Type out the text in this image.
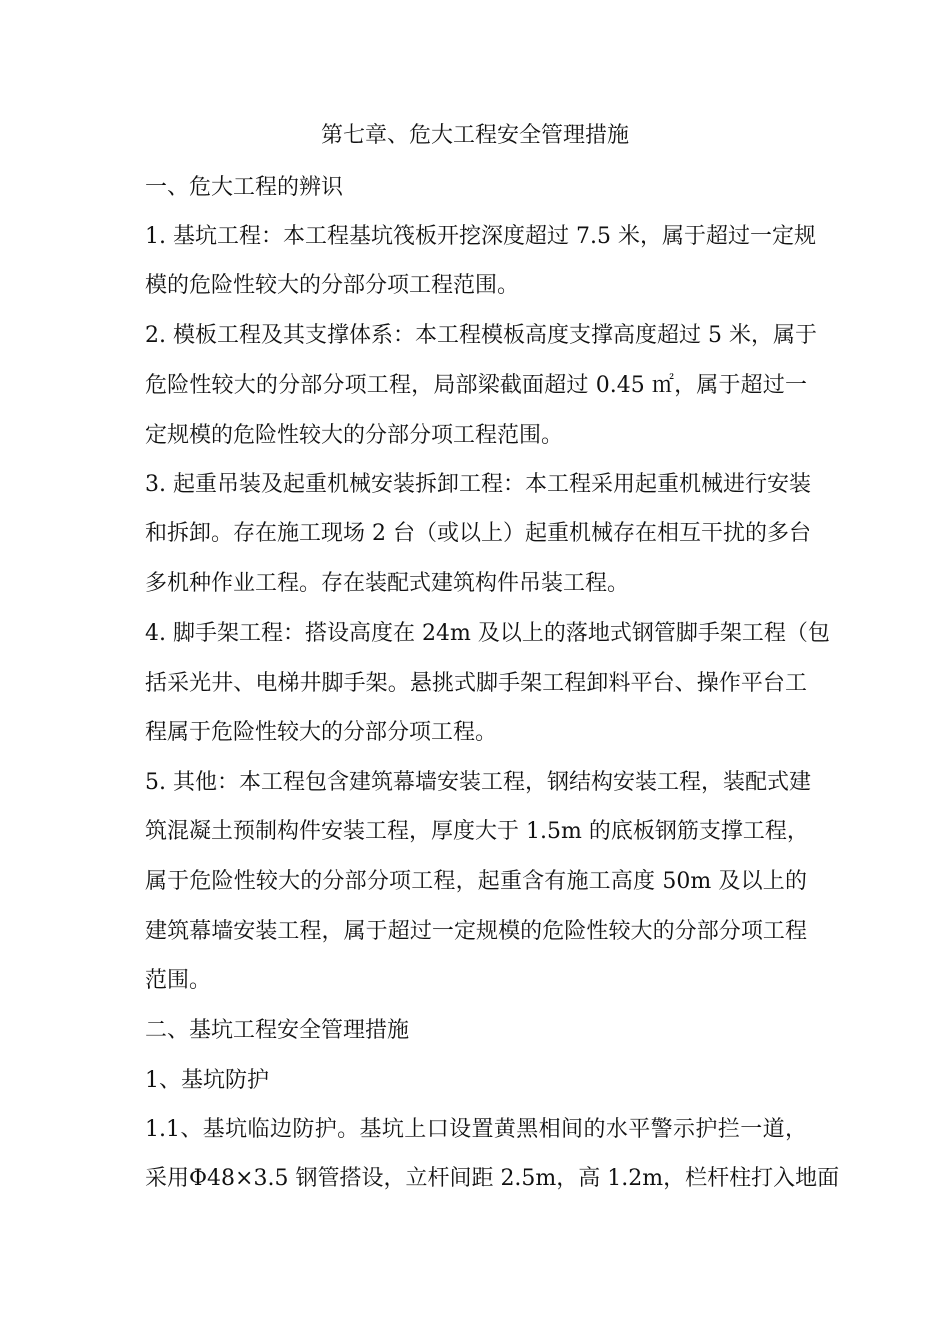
第七章、危大工程安全管理措施
一、危大工程的辨识
1. 基坑工程：本工程基坑筏板开挖深度超过 7.5 米，属于超过一定规
模的危险性较大的分部分项工程范围。
2. 模板工程及其支撑体系：本工程模板高度支撑高度超过 5 米，属于
危险性较大的分部分项工程，局部梁截面超过 0.45 ㎡，属于超过一
定规模的危险性较大的分部分项工程范围。
3. 起重吊装及起重机械安装拆卸工程：本工程采用起重机械进行安装
和拆卸。存在施工现场 2 台（或以上）起重机械存在相互干扰的多台
多机种作业工程。存在装配式建筑构件吊装工程。
4. 脚手架工程：搭设高度在 24m 及以上的落地式钢管脚手架工程（包
括采光井、电梯井脚手架。悬挑式脚手架工程卸料平台、操作平台工
程属于危险性较大的分部分项工程。
5. 其他：本工程包含建筑幕墙安装工程，钢结构安装工程，装配式建
筑混凝土预制构件安装工程，厚度大于 1.5m 的底板钢筋支撑工程，
属于危险性较大的分部分项工程，起重含有施工高度 50m 及以上的
建筑幕墙安装工程，属于超过一定规模的危险性较大的分部分项工程
范围。
二、基坑工程安全管理措施
1、基坑防护
1.1、基坑临边防护。基坑上口设置黄黑相间的水平警示护拦一道，
采用Φ48×3.5 钢管搭设，立杆间距 2.5m，高 1.2m，栏杆柱打入地面
